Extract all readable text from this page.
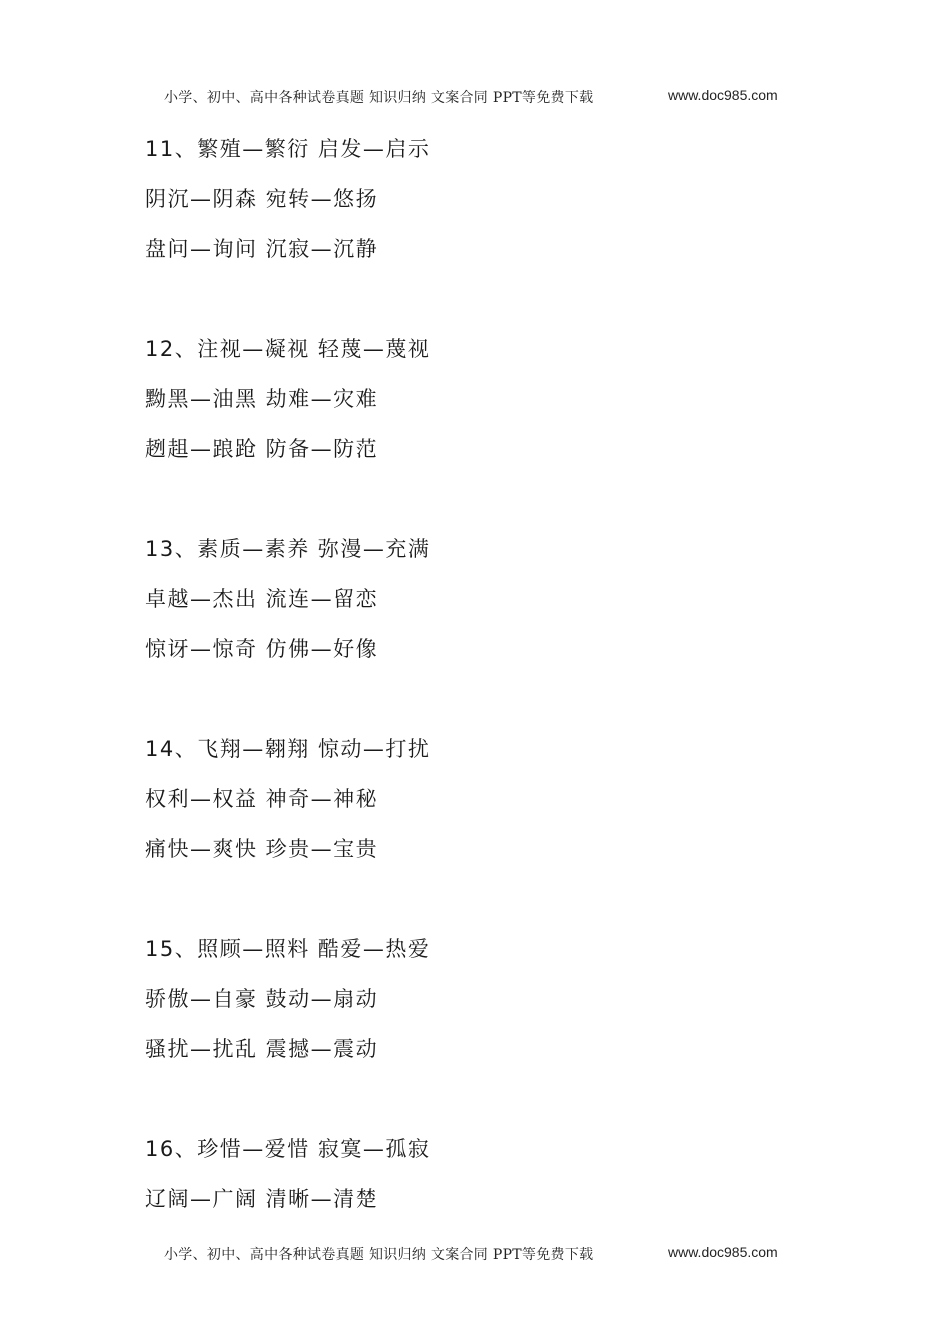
小学、初中、高中各种试卷真题 知识归纳 文案合同 PPT等免费下载	www.doc985.com
11、繁殖—繁衍 启发—启示
阴沉—阴森 宛转—悠扬
盘问—询问 沉寂—沉静
12、注视—凝视 轻蔑—蔑视
黝黑—油黑 劫难—灾难
趔趄—踉跄 防备—防范
13、素质—素养 弥漫—充满
卓越—杰出 流连—留恋
惊讶—惊奇 仿佛—好像
14、飞翔—翱翔 惊动—打扰
权利—权益 神奇—神秘
痛快—爽快 珍贵—宝贵
15、照顾—照料 酷爱—热爱
骄傲—自豪 鼓动—扇动
骚扰—扰乱 震撼—震动
16、珍惜—爱惜 寂寞—孤寂
辽阔—广阔 清晰—清楚
小学、初中、高中各种试卷真题 知识归纳 文案合同 PPT等免费下载	www.doc985.com
